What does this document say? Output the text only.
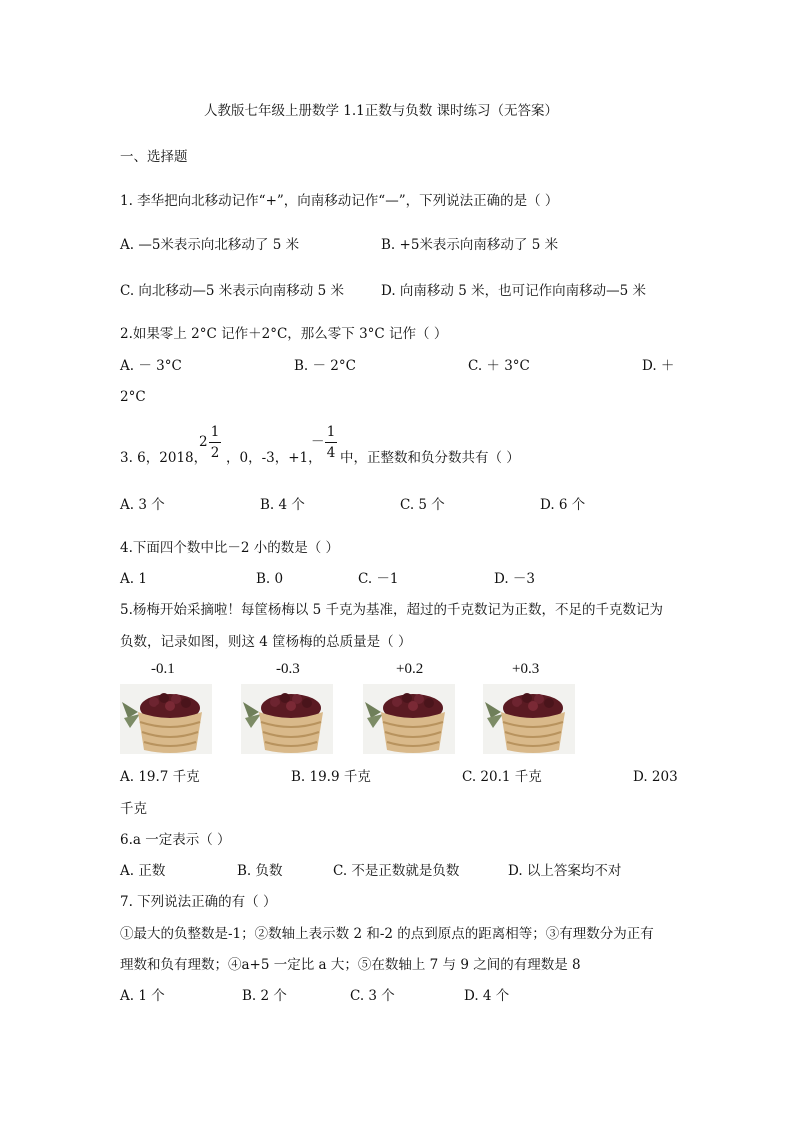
人教版七年级上册数学 1.1正数与负数 课时练习（无答案）
一、选择题
1. 李华把向北移动记作“+”，向南移动记作“—”，下列说法正确的是（ ）
A. —5米表示向北移动了 5 米	B. +5米表示向南移动了 5 米
C. 向北移动—5 米表示向南移动 5 米	D. 向南移动 5 米，也可记作向南移动—5 米
2.如果零上 2°C 记作＋2°C，那么零下 3°C 记作（ ）
A. － 3°C	B. － 2°C	C. ＋ 3°C	D. ＋
2°C
3. 6，2018，
2
1
2 ，0，-3，+1，
－
1
4 中，正整数和负分数共有（ ）
A. 3 个	B. 4 个	C. 5 个	D. 6 个
4.下面四个数中比－2 小的数是（ ）
A. 1	B. 0	C. －1	D. －3
5.杨梅开始采摘啦！每筐杨梅以 5 千克为基准，超过的千克数记为正数，不足的千克数记为
负数，记录如图，则这 4 筐杨梅的总质量是（ ）
-0.1	-0.3	+0.2	+0.3
A. 19.7 千克	B. 19.9 千克	C. 20.1 千克	D. 203
千克
6.a 一定表示（ ）
A. 正数	B. 负数	C. 不是正数就是负数	D. 以上答案均不对
7. 下列说法正确的有（ ）
①最大的负整数是-1；②数轴上表示数 2 和-2 的点到原点的距离相等；③有理数分为正有
理数和负有理数；④a+5 一定比 a 大；⑤在数轴上 7 与 9 之间的有理数是 8
A. 1 个	B. 2 个	C. 3 个	D. 4 个
